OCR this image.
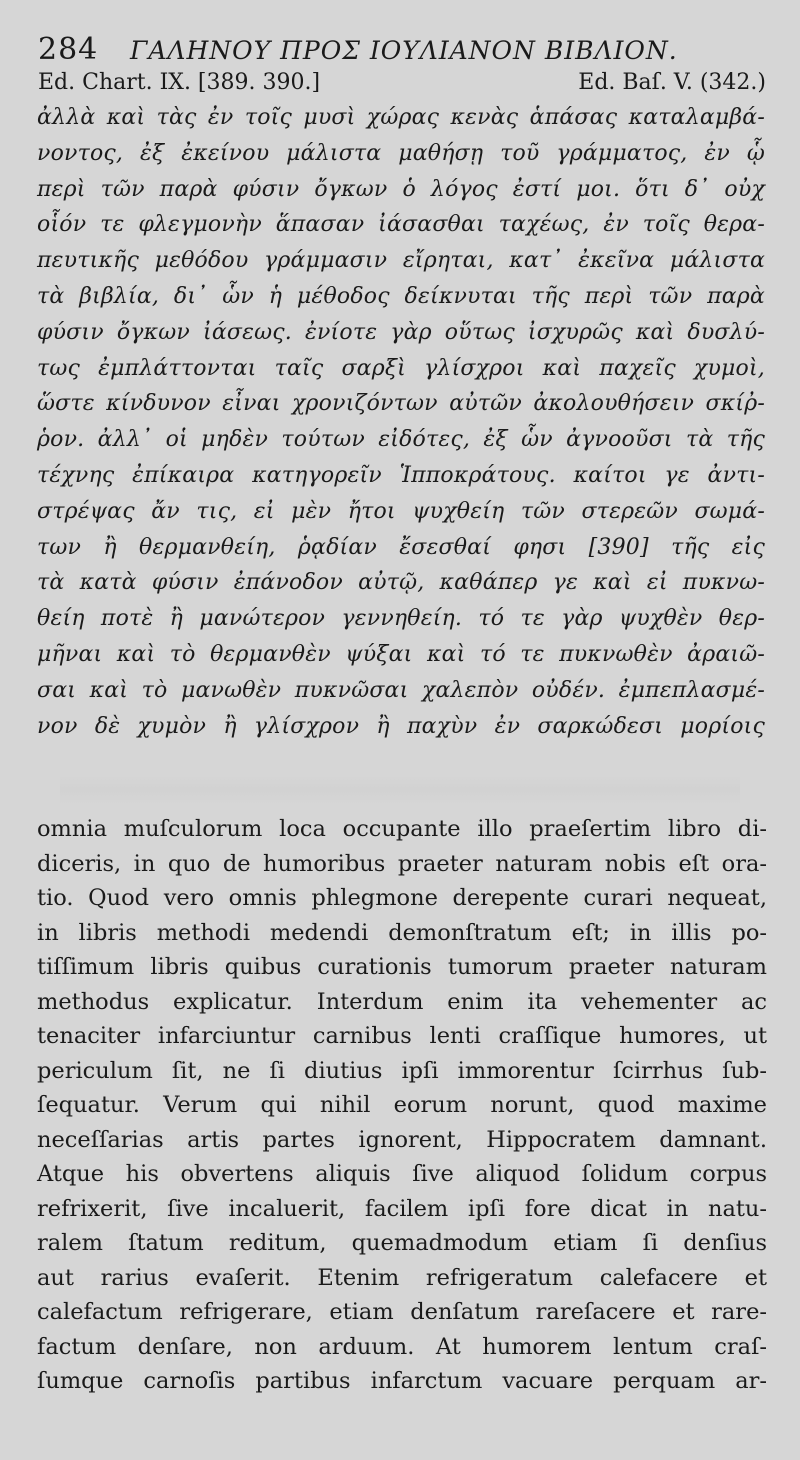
284 ΓΑΛΗΝΟΥ ΠΡΟΣ ΙΟΥΛΙΑΝΟΝ ΒΙΒΛΙΟΝ.
Ed. Chart. IX. [389. 390.]	Ed. Baſ. V. (342.)
ἀλλὰ καὶ τὰς ἐν τοῖς μυσὶ χώρας κενὰς ἁπάσας καταλαμβά-
νοντος, ἐξ ἐκείνου μάλιστα μαθήσῃ τοῦ γράμματος, ἐν ᾧ
περὶ τῶν παρὰ φύσιν ὄγκων ὁ λόγος ἐστί μοι. ὅτι δ᾽ οὐχ
οἷόν τε φλεγμονὴν ἅπασαν ἰάσασθαι ταχέως, ἐν τοῖς θερα-
πευτικῆς μεθόδου γράμμασιν εἴρηται, κατ᾽ ἐκεῖνα μάλιστα
τὰ βιβλία, δι᾽ ὧν ἡ μέθοδος δείκνυται τῆς περὶ τῶν παρὰ
φύσιν ὄγκων ἰάσεως. ἐνίοτε γὰρ οὕτως ἰσχυρῶς καὶ δυσλύ-
τως ἐμπλάττονται ταῖς σαρξὶ γλίσχροι καὶ παχεῖς χυμοὶ,
ὥστε κίνδυνον εἶναι χρονιζόντων αὐτῶν ἀκολουθήσειν σκίῤ-
ῥον. ἀλλ᾽ οἱ μηδὲν τούτων εἰδότες, ἐξ ὧν ἀγνοοῦσι τὰ τῆς
τέχνης ἐπίκαιρα κατηγορεῖν Ἱπποκράτους. καίτοι γε ἀντι-
στρέψας ἄν τις, εἰ μὲν ἤτοι ψυχθείη τῶν στερεῶν σωμά-
των ἢ θερμανθείη, ῥᾳδίαν ἔσεσθαί φησι [390] τῆς εἰς
τὰ κατὰ φύσιν ἐπάνοδον αὐτῷ, καθάπερ γε καὶ εἰ πυκνω-
θείη ποτὲ ἢ μανώτερον γεννηθείη. τό τε γὰρ ψυχθὲν θερ-
μῆναι καὶ τὸ θερμανθὲν ψύξαι καὶ τό τε πυκνωθὲν ἀραιῶ-
σαι καὶ τὸ μανωθὲν πυκνῶσαι χαλεπὸν οὐδέν. ἐμπεπλασμέ-
νον δὲ χυμὸν ἢ γλίσχρον ἢ παχὺν ἐν σαρκώδεσι μορίοις
omnia muſculorum loca occupante illo praeſertim libro di-
diceris, in quo de humoribus praeter naturam nobis eſt ora-
tio. Quod vero omnis phlegmone derepente curari nequeat,
in libris methodi medendi demonſtratum eſt; in illis po-
tiſſimum libris quibus curationis tumorum praeter naturam
methodus explicatur. Interdum enim ita vehementer ac
tenaciter infarciuntur carnibus lenti craſſique humores, ut
periculum ſit, ne ſi diutius ipſi immorentur ſcirrhus ſub-
ſequatur. Verum qui nihil eorum norunt, quod maxime
neceſſarias artis partes ignorent, Hippocratem damnant.
Atque his obvertens aliquis ſive aliquod ſolidum corpus
refrixerit, ſive incaluerit, facilem ipſi fore dicat in natu-
ralem ſtatum reditum, quemadmodum etiam ſi denſius
aut rarius evaſerit. Etenim refrigeratum calefacere et
calefactum refrigerare, etiam denſatum rareſacere et rare-
factum denſare, non arduum. At humorem lentum craſ-
ſumque carnoſis partibus infarctum vacuare perquam ar-
